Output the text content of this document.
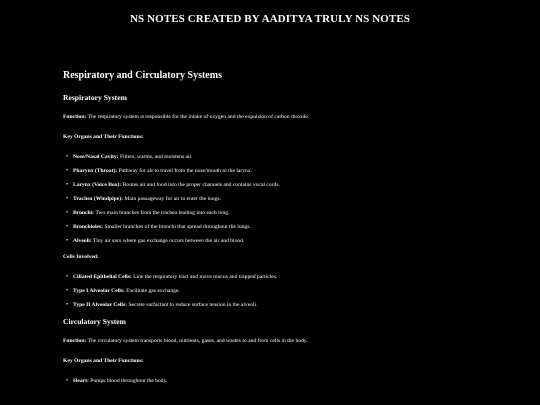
NS NOTES CREATED BY AADITYA TRULY NS NOTES
Respiratory and Circulatory Systems
Respiratory System

Function: The respiratory system is responsible for the intake of oxygen and the expulsion of carbon dioxide.

Key Organs and Their Functions:

• Nose/Nasal Cavity: Filters, warms, and moistens air.
• Pharynx (Throat): Pathway for air to travel from the nose/mouth to the larynx.
• Larynx (Voice Box): Routes air and food into the proper channels and contains vocal cords.
• Trachea (Windpipe): Main passageway for air to enter the lungs.
• Bronchi: Two main branches from the trachea leading into each lung.
• Bronchioles: Smaller branches of the bronchi that spread throughout the lungs.
• Alveoli: Tiny air sacs where gas exchange occurs between the air and blood.

Cells Involved:

• Ciliated Epithelial Cells: Line the respiratory tract and move mucus and trapped particles.
• Type I Alveolar Cells: Facilitate gas exchange.
• Type II Alveolar Cells: Secrete surfactant to reduce surface tension in the alveoli.
Circulatory System

Function: The circulatory system transports blood, nutrients, gases, and wastes to and from cells in the body.

Key Organs and Their Functions:

• Heart: Pumps blood throughout the body.
